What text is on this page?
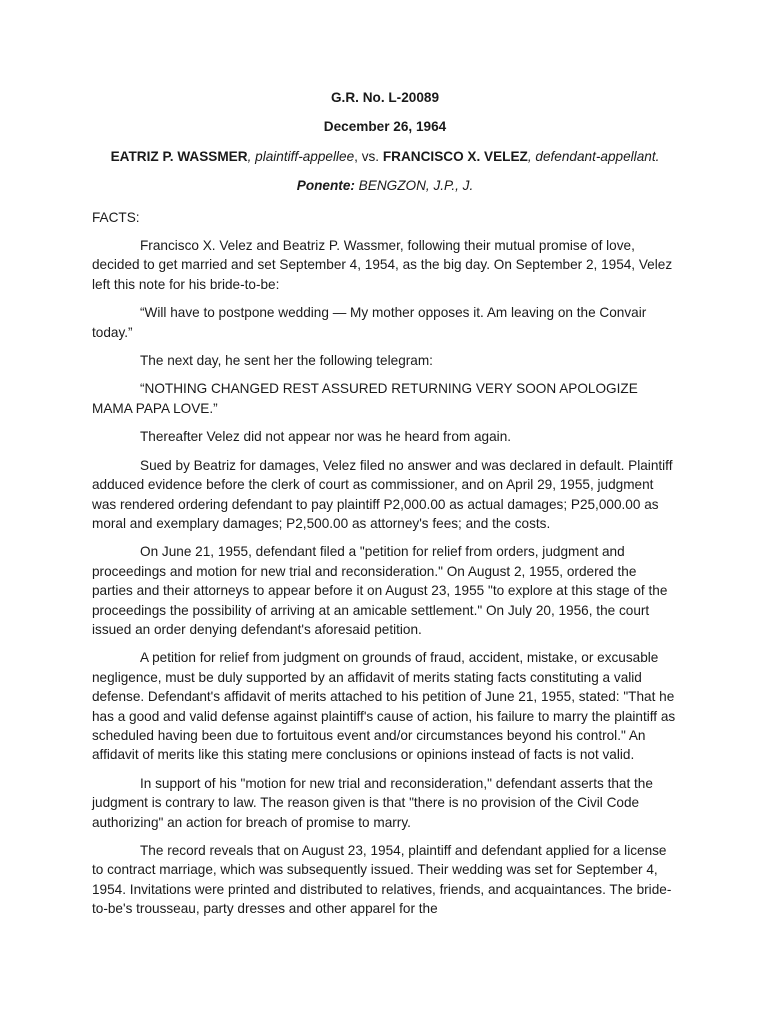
G.R. No. L-20089
December 26, 1964
EATRIZ P. WASSMER, plaintiff-appellee, vs. FRANCISCO X. VELEZ, defendant-appellant.
Ponente: BENGZON, J.P., J.
FACTS:

Francisco X. Velez and Beatriz P. Wassmer, following their mutual promise of love, decided to get married and set September 4, 1954, as the big day. On September 2, 1954, Velez left this note for his bride-to-be:

“Will have to postpone wedding — My mother opposes it. Am leaving on the Convair today.”

The next day, he sent her the following telegram:

“NOTHING CHANGED REST ASSURED RETURNING VERY SOON APOLOGIZE MAMA PAPA LOVE.”

Thereafter Velez did not appear nor was he heard from again.

Sued by Beatriz for damages, Velez filed no answer and was declared in default. Plaintiff adduced evidence before the clerk of court as commissioner, and on April 29, 1955, judgment was rendered ordering defendant to pay plaintiff P2,000.00 as actual damages; P25,000.00 as moral and exemplary damages; P2,500.00 as attorney's fees; and the costs.

On June 21, 1955, defendant filed a "petition for relief from orders, judgment and proceedings and motion for new trial and reconsideration." On August 2, 1955, ordered the parties and their attorneys to appear before it on August 23, 1955 "to explore at this stage of the proceedings the possibility of arriving at an amicable settlement." On July 20, 1956, the court issued an order denying defendant's aforesaid petition.

A petition for relief from judgment on grounds of fraud, accident, mistake, or excusable negligence, must be duly supported by an affidavit of merits stating facts constituting a valid defense. Defendant's affidavit of merits attached to his petition of June 21, 1955, stated: "That he has a good and valid defense against plaintiff's cause of action, his failure to marry the plaintiff as scheduled having been due to fortuitous event and/or circumstances beyond his control." An affidavit of merits like this stating mere conclusions or opinions instead of facts is not valid.

In support of his "motion for new trial and reconsideration," defendant asserts that the judgment is contrary to law. The reason given is that "there is no provision of the Civil Code authorizing" an action for breach of promise to marry.

The record reveals that on August 23, 1954, plaintiff and defendant applied for a license to contract marriage, which was subsequently issued. Their wedding was set for September 4, 1954. Invitations were printed and distributed to relatives, friends, and acquaintances. The bride-to-be's trousseau, party dresses and other apparel for the
